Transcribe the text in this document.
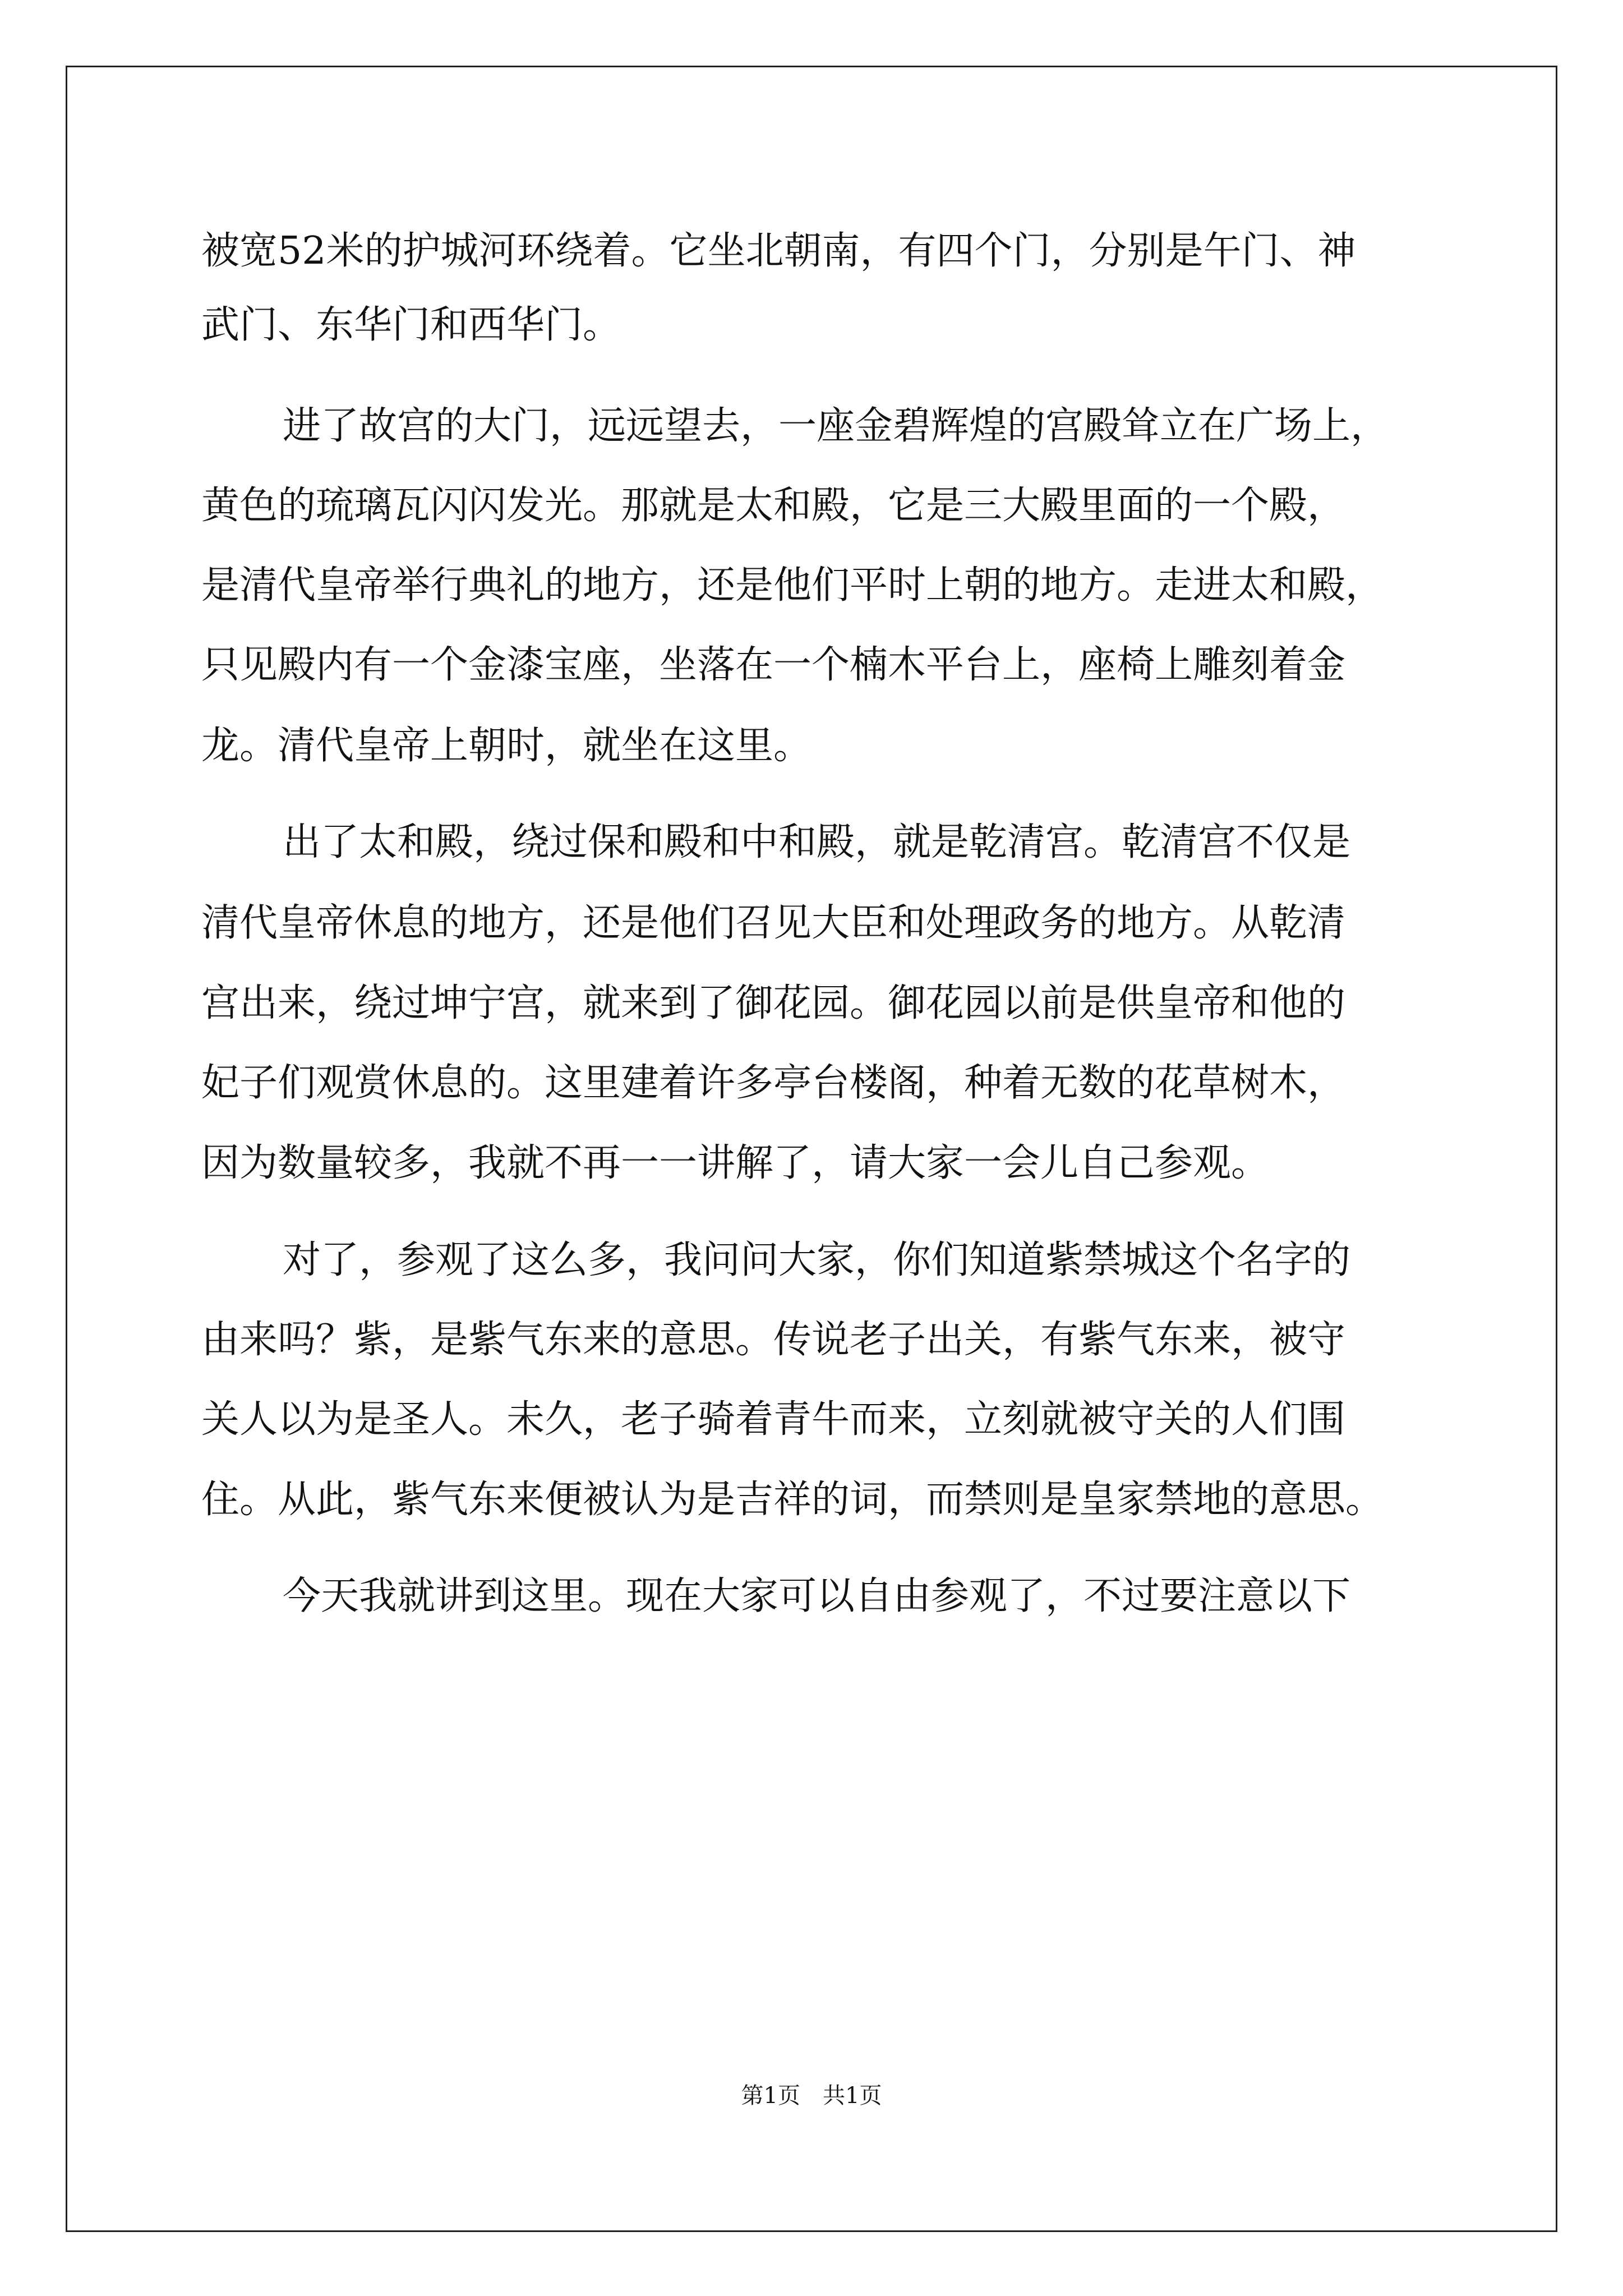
被宽52米的护城河环绕着。它坐北朝南，有四个门，分别是午门、神
武门、东华门和西华门。
进了故宫的大门，远远望去，一座金碧辉煌的宫殿耸立在广场上，
黄色的琉璃瓦闪闪发光。那就是太和殿，它是三大殿里面的一个殿，
是清代皇帝举行典礼的地方，还是他们平时上朝的地方。走进太和殿，
只见殿内有一个金漆宝座，坐落在一个楠木平台上，座椅上雕刻着金
龙。清代皇帝上朝时，就坐在这里。
出了太和殿，绕过保和殿和中和殿，就是乾清宫。乾清宫不仅是
清代皇帝休息的地方，还是他们召见大臣和处理政务的地方。从乾清
宫出来，绕过坤宁宫，就来到了御花园。御花园以前是供皇帝和他的
妃子们观赏休息的。这里建着许多亭台楼阁，种着无数的花草树木，
因为数量较多，我就不再一一讲解了，请大家一会儿自己参观。
对了，参观了这么多，我问问大家，你们知道紫禁城这个名字的
由来吗？紫，是紫气东来的意思。传说老子出关，有紫气东来，被守
关人以为是圣人。未久，老子骑着青牛而来，立刻就被守关的人们围
住。从此，紫气东来便被认为是吉祥的词，而禁则是皇家禁地的意思。
今天我就讲到这里。现在大家可以自由参观了，不过要注意以下
第1页　共1页
